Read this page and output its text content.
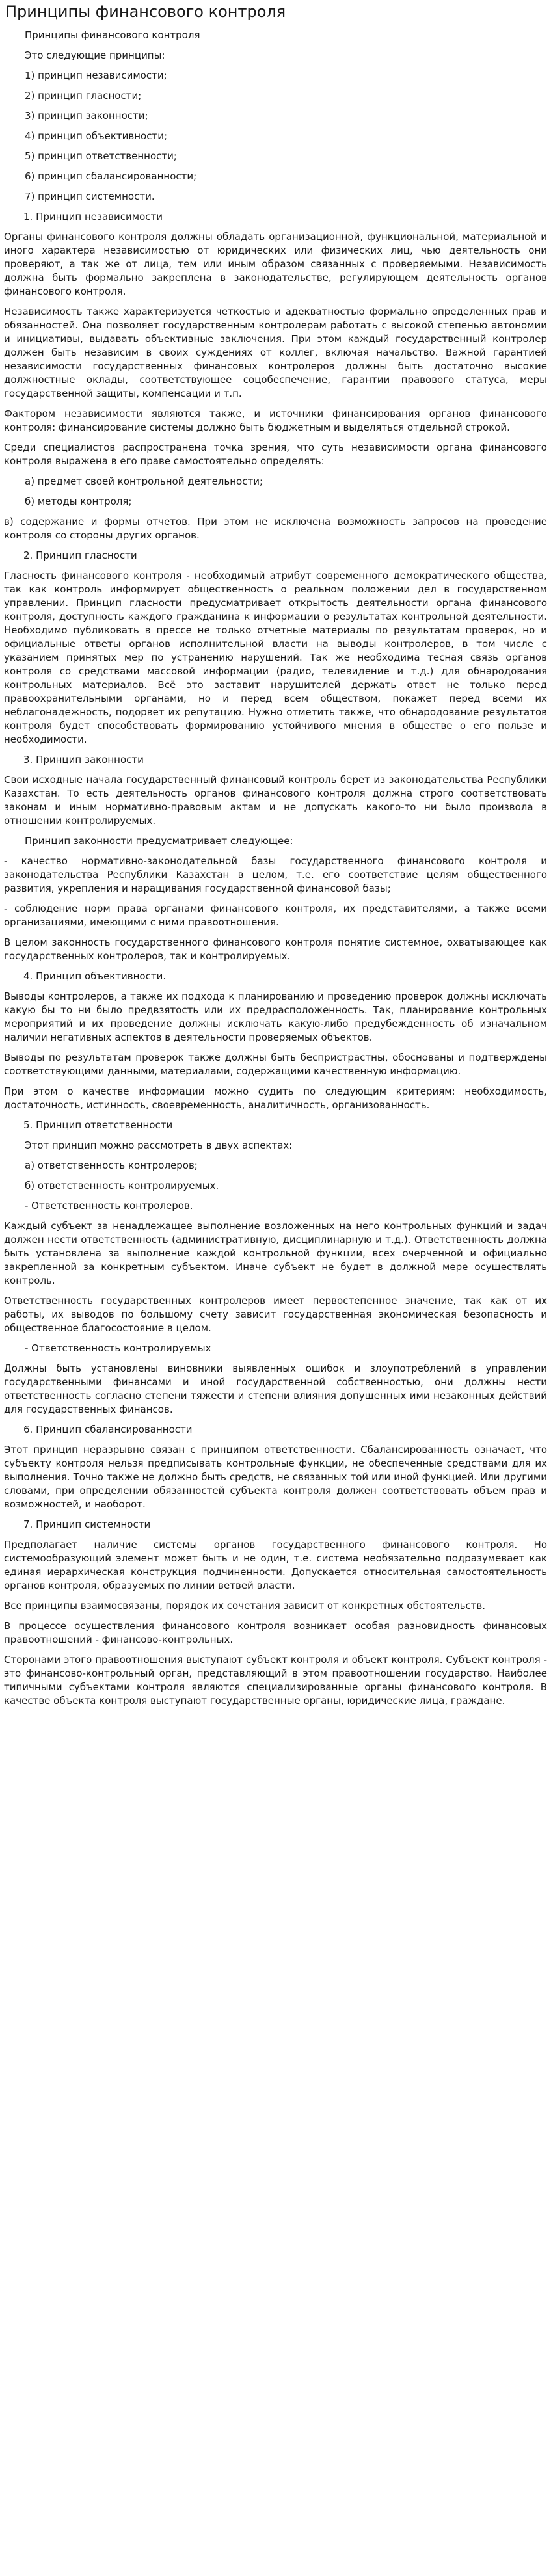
Принципы финансового контроля

Принципы финансового контроля

Это следующие принципы:

1) принцип независимости;

2) принцип гласности;

3) принцип законности;

4) принцип объективности;

5) принцип ответственности;

6) принцип сбалансированности;

7) принцип системности.

1. Принцип независимости

Органы финансового контроля должны обладать организационной, функциональной, материальной и иного характера независимостью от юридических или физических лиц, чью деятельность они проверяют, а так же от лица, тем или иным образом связанных с проверяемыми. Независимость должна быть формально закреплена в законодательстве, регулирующем деятельность органов финансового контроля.

Независимость также характеризуется четкостью и адекватностью формально определенных прав и обязанностей. Она позволяет государственным контролерам работать с высокой степенью автономии и инициативы, выдавать объективные заключения. При этом каждый государственный контролер должен быть независим в своих суждениях от коллег, включая начальство. Важной гарантией независимости государственных финансовых контролеров должны быть достаточно высокие должностные оклады, соответствующее соцобеспечение, гарантии правового статуса, меры государственной защиты, компенсации и т.п.

Фактором независимости являются также, и источники финансирования органов финансового контроля: финансирование системы должно быть бюджетным и выделяться отдельной строкой.

Среди специалистов распространена точка зрения, что суть независимости органа финансового контроля выражена в его праве самостоятельно определять:

а) предмет своей контрольной деятельности;

б) методы контроля;

в) содержание и формы отчетов. При этом не исключена возможность запросов на проведение контроля со стороны других органов.

2. Принцип гласности

Гласность финансового контроля - необходимый атрибут современного демократического общества, так как контроль информирует общественность о реальном положении дел в государственном управлении. Принцип гласности предусматривает открытость деятельности органа финансового контроля, доступность каждого гражданина к информации о результатах контрольной деятельности. Необходимо публиковать в прессе не только отчетные материалы по результатам проверок, но и официальные ответы органов исполнительной власти на выводы контролеров, в том числе с указанием принятых мер по устранению нарушений. Так же необходима тесная связь органов контроля со средствами массовой информации (радио, телевидение и т.д.) для обнародования контрольных материалов. Всё это заставит нарушителей держать ответ не только перед правоохранительными органами, но и перед всем обществом, покажет перед всеми их неблагонадежность, подорвет их репутацию. Нужно отметить также, что обнародование результатов контроля будет способствовать формированию устойчивого мнения в обществе о его пользе и необходимости.

3. Принцип законности

Свои исходные начала государственный финансовый контроль берет из законодательства Республики Казахстан. То есть деятельность органов финансового контроля должна строго соответствовать законам и иным нормативно-правовым актам и не допускать какого-то ни было произвола в отношении контролируемых.

Принцип законности предусматривает следующее:

- качество нормативно-законодательной базы государственного финансового контроля и законодательства Республики Казахстан в целом, т.е. его соответствие целям общественного развития, укрепления и наращивания государственной финансовой базы;

- соблюдение норм права органами финансового контроля, их представителями, а также всеми организациями, имеющими с ними правоотношения.

В целом законность государственного финансового контроля понятие системное, охватывающее как государственных контролеров, так и контролируемых.

4. Принцип объективности.

Выводы контролеров, а также их подхода к планированию и проведению проверок должны исключать какую бы то ни было предвзятость или их предрасположенность. Так, планирование контрольных мероприятий и их проведение должны исключать какую-либо предубежденность об изначальном наличии негативных аспектов в деятельности проверяемых объектов.

Выводы по результатам проверок также должны быть беспристрастны, обоснованы и подтверждены соответствующими данными, материалами, содержащими качественную информацию.

При этом о качестве информации можно судить по следующим критериям: необходимость, достаточность, истинность, своевременность, аналитичность, организованность.

5. Принцип ответственности

Этот принцип можно рассмотреть в двух аспектах:

а) ответственность контролеров;

б) ответственность контролируемых.

- Ответственность контролеров.

Каждый субъект за ненадлежащее выполнение возложенных на него контрольных функций и задач должен нести ответственность (административную, дисциплинарную и т.д.). Ответственность должна быть установлена за выполнение каждой контрольной функции, всех очерченной и официально закрепленной за конкретным субъектом. Иначе субъект не будет в должной мере осуществлять контроль.

Ответственность государственных контролеров имеет первостепенное значение, так как от их работы, их выводов по большому счету зависит государственная экономическая безопасность и общественное благосостояние в целом.

- Ответственность контролируемых

Должны быть установлены виновники выявленных ошибок и злоупотреблений в управлении государственными финансами и иной государственной собственностью, они должны нести ответственность согласно степени тяжести и степени влияния допущенных ими незаконных действий для государственных финансов.

6. Принцип сбалансированности

Этот принцип неразрывно связан с принципом ответственности. Сбалансированность означает, что субъекту контроля нельзя предписывать контрольные функции, не обеспеченные средствами для их выполнения. Точно также не должно быть средств, не связанных той или иной функцией. Или другими словами, при определении обязанностей субъекта контроля должен соответствовать объем прав и возможностей, и наоборот.

7. Принцип системности

Предполагает наличие системы органов государственного финансового контроля. Но системообразующий элемент может быть и не один, т.е. система необязательно подразумевает как единая иерархическая конструкция подчиненности. Допускается относительная самостоятельность органов контроля, образуемых по линии ветвей власти.

Все принципы взаимосвязаны, порядок их сочетания зависит от конкретных обстоятельств.

В процессе осуществления финансового контроля возникает особая разновидность финансовых правоотношений - финансово-контрольных.

Сторонами этого правоотношения выступают субъект контроля и объект контроля. Субъект контроля - это финансово-контрольный орган, представляющий в этом правоотношении государство. Наиболее типичными субъектами контроля являются специализированные органы финансового контроля. В качестве объекта контроля выступают государственные органы, юридические лица, граждане.
